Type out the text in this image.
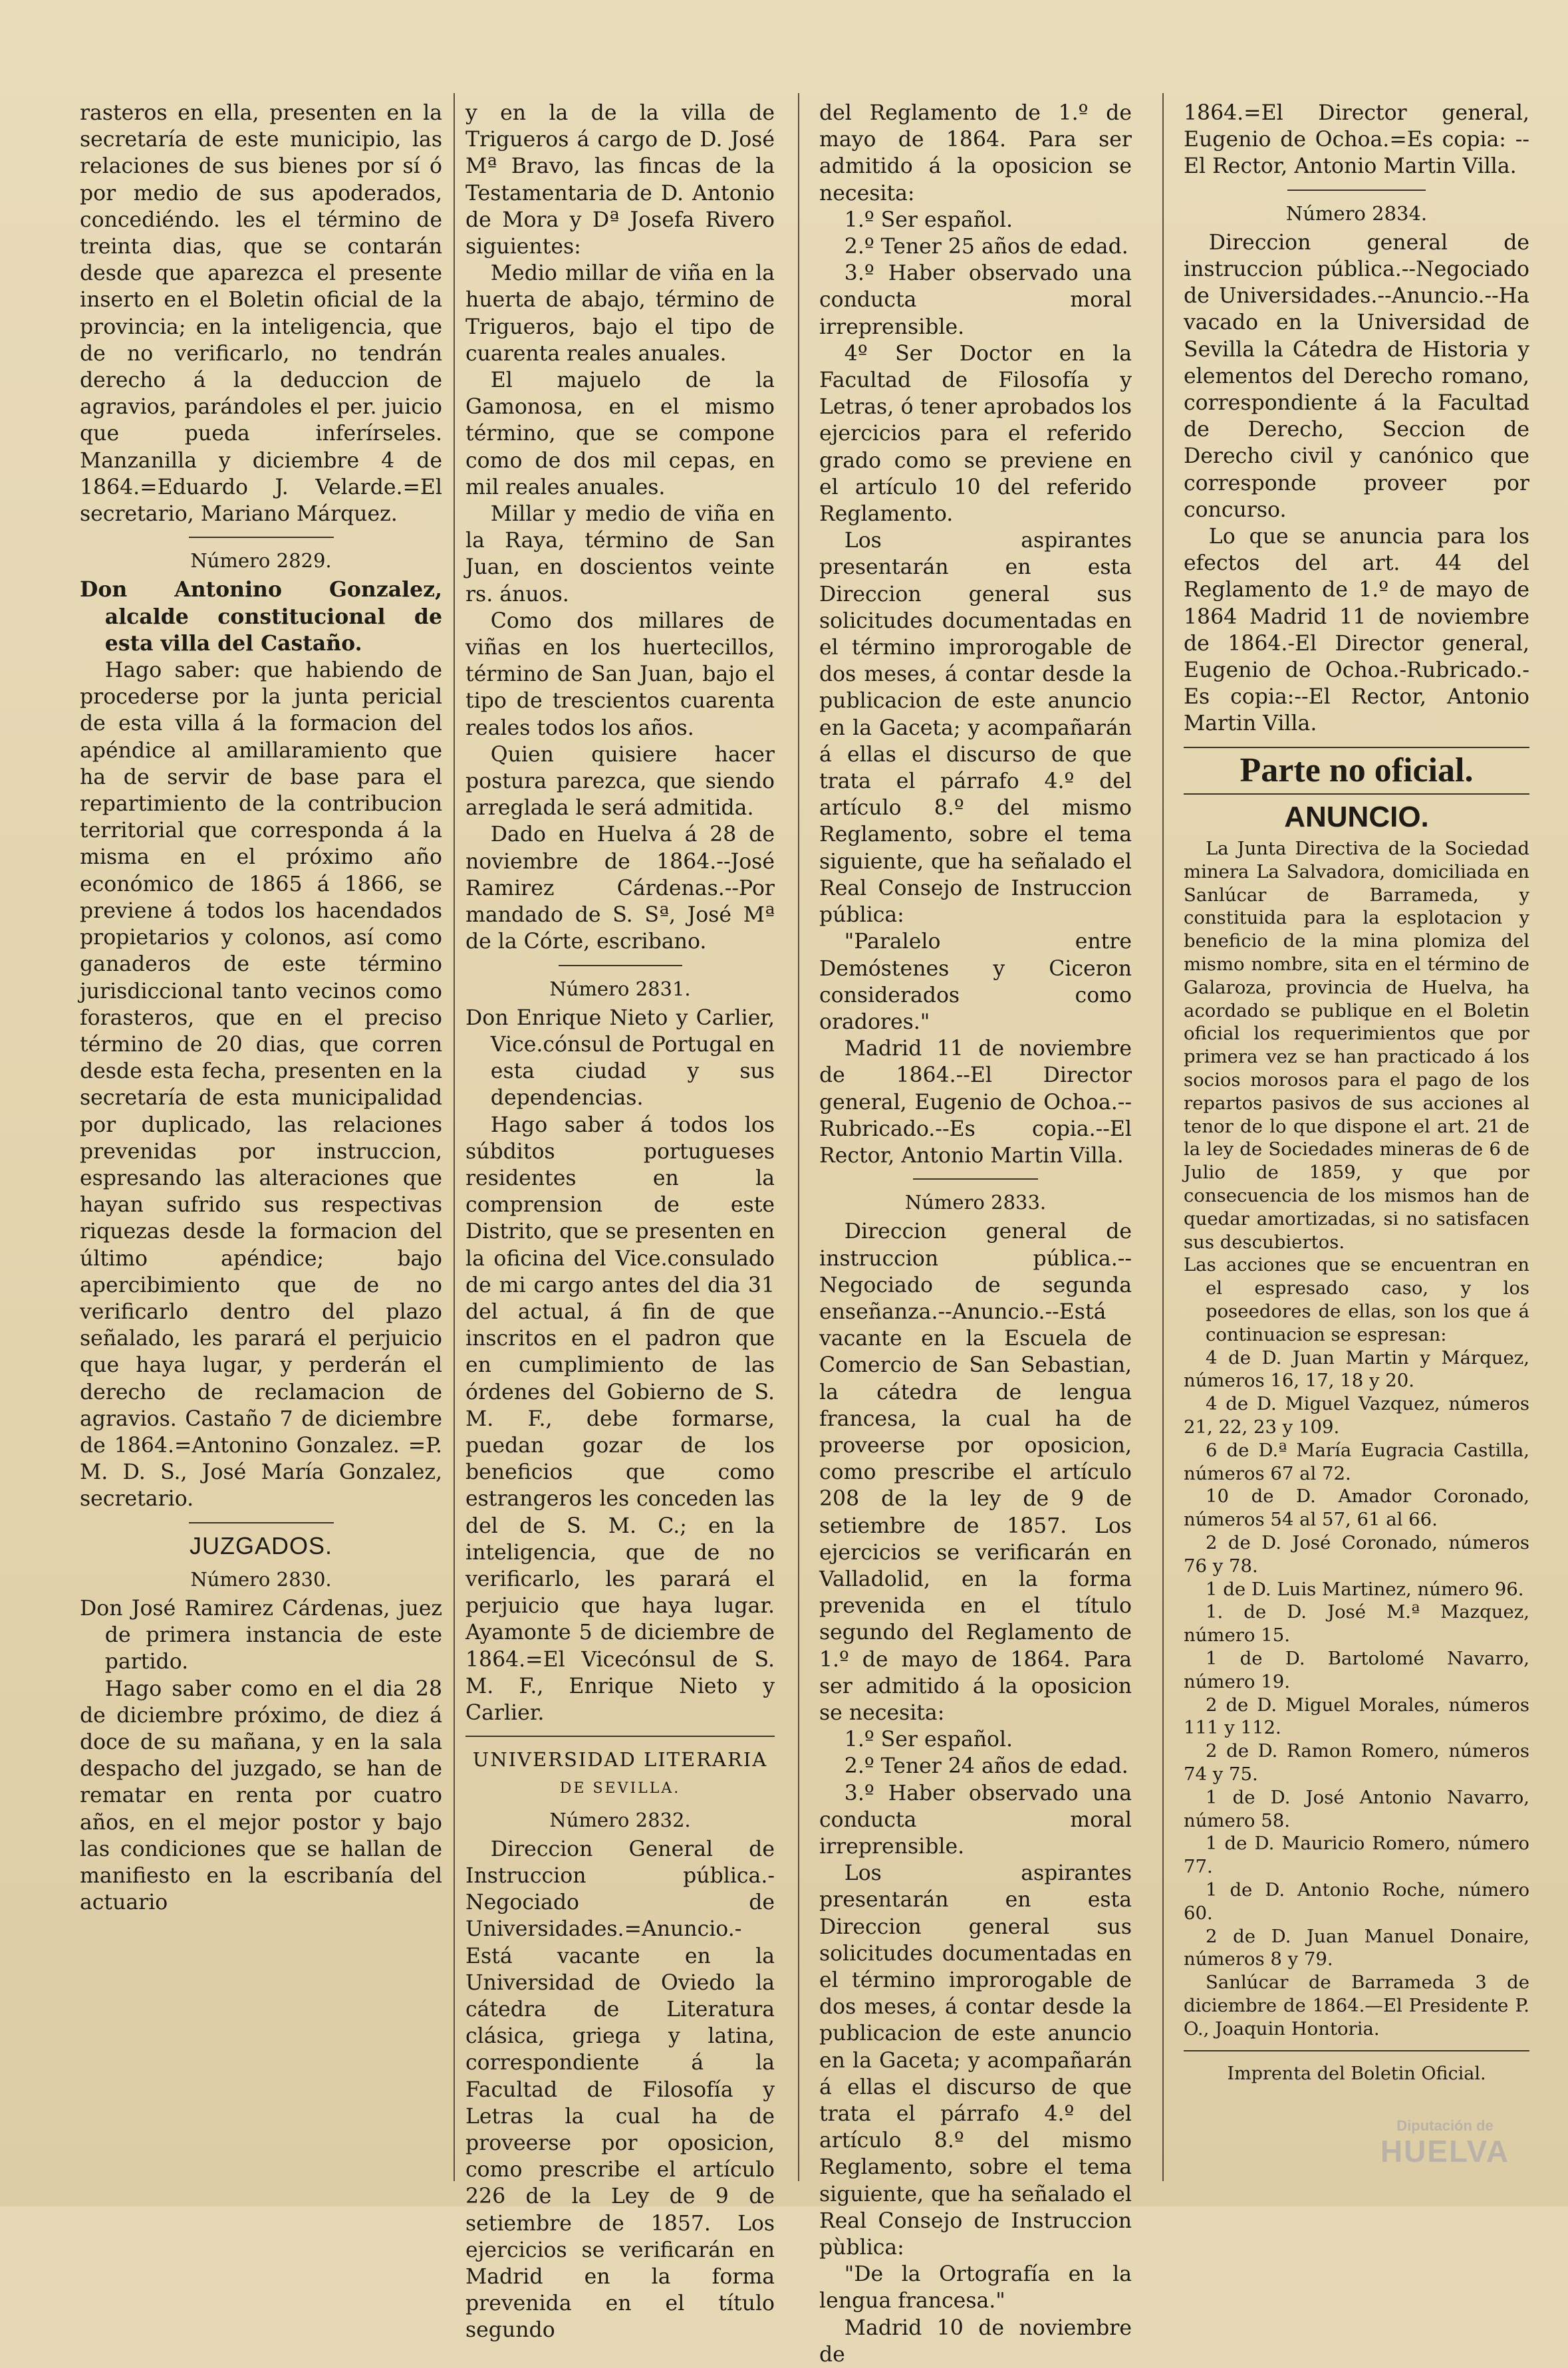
rasteros en ella, presenten en la secretaría de este municipio, las relaciones de sus bienes por sí ó por medio de sus apoderados, concediéndo. les el término de treinta dias, que se contarán desde que aparezca el presente inserto en el Boletin oficial de la provincia; en la inteligencia, que de no verificarlo, no tendrán derecho á la deduccion de agravios, parándoles el per. juicio que pueda inferírseles. Manzanilla y diciembre 4 de 1864.=Eduardo J. Velarde.=El secretario, Mariano Márquez.

Número 2829.

Don Antonino Gonzalez, alcalde constitucional de esta villa del Castaño.

Hago saber: que habiendo de procederse por la junta pericial de esta villa á la formacion del apéndice al amillaramiento que ha de servir de base para el repartimiento de la contribucion territorial que corresponda á la misma en el próximo año económico de 1865 á 1866, se previene á todos los hacendados propietarios y colonos, así como ganaderos de este término jurisdiccional tanto vecinos como forasteros, que en el preciso término de 20 dias, que corren desde esta fecha, presenten en la secretaría de esta municipalidad por duplicado, las relaciones prevenidas por instruccion, espresando las alteraciones que hayan sufrido sus respectivas riquezas desde la formacion del último apéndice; bajo apercibimiento que de no verificarlo dentro del plazo señalado, les parará el perjuicio que haya lugar, y perderán el derecho de reclamacion de agravios. Castaño 7 de diciembre de 1864.=Antonino Gonzalez. =P. M. D. S., José María Gonzalez, secretario.

JUZGADOS.
Número 2830.

Don José Ramirez Cárdenas, juez de primera instancia de este partido.

Hago saber como en el dia 28 de diciembre próximo, de diez á doce de su mañana, y en la sala despacho del juzgado, se han de rematar en renta por cuatro años, en el mejor postor y bajo las condiciones que se hallan de manifiesto en la escribanía del actuario

y en la de la villa de Trigueros á cargo de D. José Mª Bravo, las fincas de la Testamentaria de D. Antonio de Mora y Dª Josefa Rivero siguientes:

Medio millar de viña en la huerta de abajo, término de Trigueros, bajo el tipo de cuarenta reales anuales.

El majuelo de la Gamonosa, en el mismo término, que se compone como de dos mil cepas, en mil reales anuales.

Millar y medio de viña en la Raya, término de San Juan, en doscientos veinte rs. ánuos.

Como dos millares de viñas en los huertecillos, término de San Juan, bajo el tipo de trescientos cuarenta reales todos los años.

Quien quisiere hacer postura parezca, que siendo arreglada le será admitida.

Dado en Huelva á 28 de noviembre de 1864.--José Ramirez Cárdenas.--Por mandado de S. Sª, José Mª de la Córte, escribano.

Número 2831.

Don Enrique Nieto y Carlier, Vice.cónsul de Portugal en esta ciudad y sus dependencias.

Hago saber á todos los súbditos portugueses residentes en la comprension de este Distrito, que se presenten en la oficina del Vice.consulado de mi cargo antes del dia 31 del actual, á fin de que inscritos en el padron que en cumplimiento de las órdenes del Gobierno de S. M. F., debe formarse, puedan gozar de los beneficios que como estrangeros les conceden las del de S. M. C.; en la inteligencia, que de no verificarlo, les parará el perjuicio que haya lugar. Ayamonte 5 de diciembre de 1864.=El Vicecónsul de S. M. F., Enrique Nieto y Carlier.

UNIVERSIDAD LITERARIA
DE SEVILLA.
Número 2832.

Direccion General de Instruccion pública.-Negociado de Universidades.=Anuncio.-Está vacante en la Universidad de Oviedo la cátedra de Literatura clásica, griega y latina, correspondiente á la Facultad de Filosofía y Letras la cual ha de proveerse por oposicion, como prescribe el artículo 226 de la Ley de 9 de setiembre de 1857. Los ejercicios se verificarán en Madrid en la forma prevenida en el título segundo

del Reglamento de 1.º de mayo de 1864. Para ser admitido á la oposicion se necesita:

1.º Ser español.

2.º Tener 25 años de edad.

3.º Haber observado una conducta moral irreprensible.

4º Ser Doctor en la Facultad de Filosofía y Letras, ó tener aprobados los ejercicios para el referido grado como se previene en el artículo 10 del referido Reglamento.

Los aspirantes presentarán en esta Direccion general sus solicitudes documentadas en el término improrogable de dos meses, á contar desde la publicacion de este anuncio en la Gaceta; y acompañarán á ellas el discurso de que trata el párrafo 4.º del artículo 8.º del mismo Reglamento, sobre el tema siguiente, que ha señalado el Real Consejo de Instruccion pública:

"Paralelo entre Demóstenes y Ciceron considerados como oradores."

Madrid 11 de noviembre de 1864.--El Director general, Eugenio de Ochoa.--Rubricado.--Es copia.--El Rector, Antonio Martin Villa.

Número 2833.

Direccion general de instruccion pública.--Negociado de segunda enseñanza.--Anuncio.--Está vacante en la Escuela de Comercio de San Sebastian, la cátedra de lengua francesa, la cual ha de proveerse por oposicion, como prescribe el artículo 208 de la ley de 9 de setiembre de 1857. Los ejercicios se verificarán en Valladolid, en la forma prevenida en el título segundo del Reglamento de 1.º de mayo de 1864. Para ser admitido á la oposicion se necesita:

1.º Ser español.

2.º Tener 24 años de edad.

3.º Haber observado una conducta moral irreprensible.

Los aspirantes presentarán en esta Direccion general sus solicitudes documentadas en el término improrogable de dos meses, á contar desde la publicacion de este anuncio en la Gaceta; y acompañarán á ellas el discurso de que trata el párrafo 4.º del artículo 8.º del mismo Reglamento, sobre el tema siguiente, que ha señalado el Real Consejo de Instruccion pùblica:

"De la Ortografía en la lengua francesa."

Madrid 10 de noviembre de

1864.=El Director general, Eugenio de Ochoa.=Es copia: --El Rector, Antonio Martin Villa.

Número 2834.

Direccion general de instruccion pública.--Negociado de Universidades.--Anuncio.--Ha vacado en la Universidad de Sevilla la Cátedra de Historia y elementos del Derecho romano, correspondiente á la Facultad de Derecho, Seccion de Derecho civil y canónico que corresponde proveer por concurso.

Lo que se anuncia para los efectos del art. 44 del Reglamento de 1.º de mayo de 1864 Madrid 11 de noviembre de 1864.-El Director general, Eugenio de Ochoa.-Rubricado.-Es copia:--El Rector, Antonio Martin Villa.

Parte no oficial.
ANUNCIO.

La Junta Directiva de la Sociedad minera La Salvadora, domiciliada en Sanlúcar de Barrameda, y constituida para la esplotacion y beneficio de la mina plomiza del mismo nombre, sita en el término de Galaroza, provincia de Huelva, ha acordado se publique en el Boletin oficial los requerimientos que por primera vez se han practicado á los socios morosos para el pago de los repartos pasivos de sus acciones al tenor de lo que dispone el art. 21 de la ley de Sociedades mineras de 6 de Julio de 1859, y que por consecuencia de los mismos han de quedar amortizadas, si no satisfacen sus descubiertos.

Las acciones que se encuentran en el espresado caso, y los poseedores de ellas, son los que á continuacion se espresan:

4 de D. Juan Martin y Márquez, números 16, 17, 18 y 20.

4 de D. Miguel Vazquez, números 21, 22, 23 y 109.

6 de D.ª María Eugracia Castilla, números 67 al 72.

10 de D. Amador Coronado, números 54 al 57, 61 al 66.

2 de D. José Coronado, números 76 y 78.

1 de D. Luis Martinez, número 96.

1. de D. José M.ª Mazquez, número 15.

1 de D. Bartolomé Navarro, número 19.

2 de D. Miguel Morales, números 111 y 112.

2 de D. Ramon Romero, números 74 y 75.

1 de D. José Antonio Navarro, número 58.

1 de D. Mauricio Romero, número 77.

1 de D. Antonio Roche, número 60.

2 de D. Juan Manuel Donaire, números 8 y 79.

Sanlúcar de Barrameda 3 de diciembre de 1864.—El Presidente P. O., Joaquin Hontoria.

Imprenta del Boletin Oficial.
Diputación de
HUELVA
